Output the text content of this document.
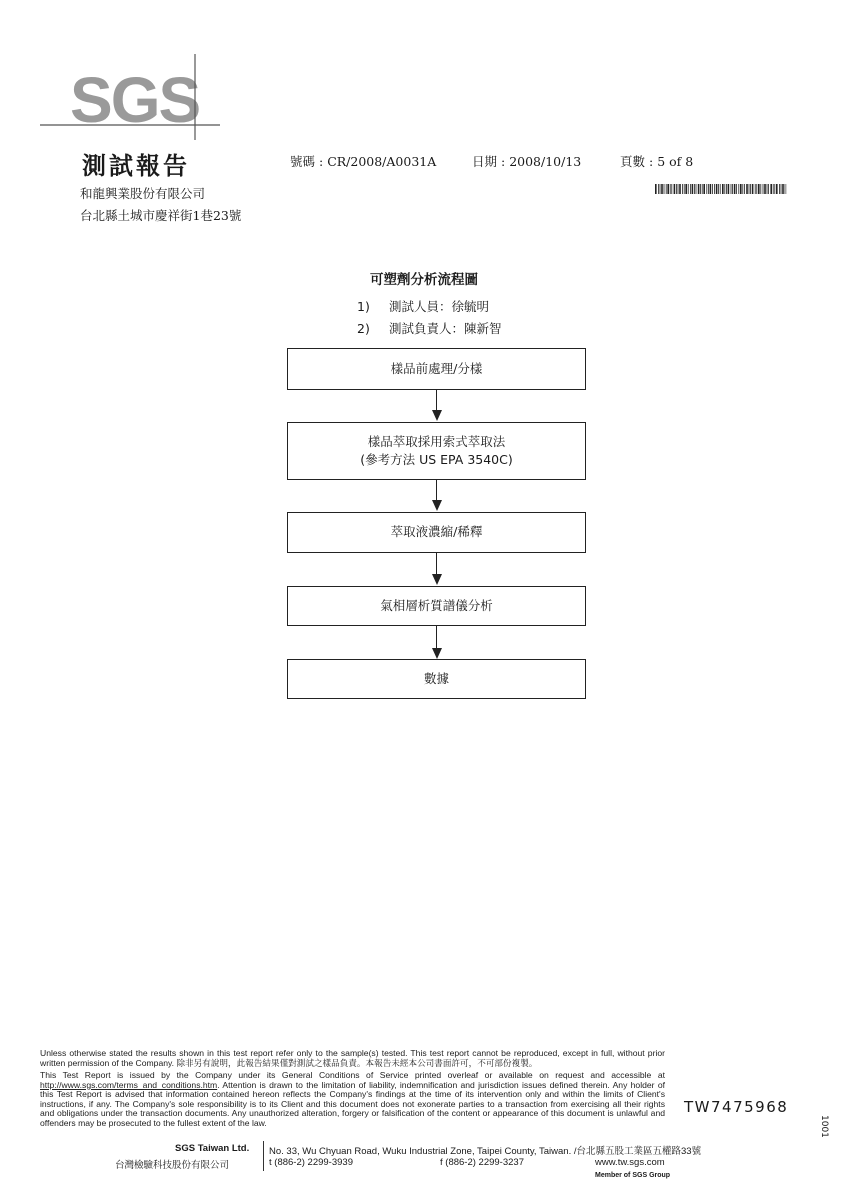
SGS
測試報告	號碼 : CR/2008/A0031A	日期 : 2008/10/13	頁數 : 5 of 8
和龍興業股份有限公司
台北縣土城市慶祥街1巷23號
可塑劑分析流程圖
1) 測試人員：徐毓明
2) 測試負責人：陳新智
樣品前處理/分樣
樣品萃取採用索式萃取法
(參考方法 US EPA 3540C)
萃取液濃縮/稀釋
氣相層析質譜儀分析
數據
Unless otherwise stated the results shown in this test report refer only to the sample(s) tested. This test report cannot be reproduced, except in full, without prior written permission of the Company. 除非另有說明，此報告結果僅對測試之樣品負責。本報告未經本公司書面許可，不可部份複製。
This Test Report is issued by the Company under its General Conditions of Service printed overleaf or available on request and accessible at http://www.sgs.com/terms_and_conditions.htm. Attention is drawn to the limitation of liability, indemnification and jurisdiction issues defined therein. Any holder of this Test Report is advised that information contained hereon reflects the Company's findings at the time of its intervention only and within the limits of Client's instructions, if any. The Company's sole responsibility is to its Client and this document does not exonerate parties to a transaction from exercising all their rights and obligations under the transaction documents. Any unauthorized alteration, forgery or falsification of the content or appearance of this document is unlawful and offenders may be prosecuted to the fullest extent of the law.
TW7475968
1001
SGS Taiwan Ltd.
台灣檢驗科技股份有限公司
No. 33, Wu Chyuan Road, Wuku Industrial Zone, Taipei County, Taiwan. /台北縣五股工業區五權路33號
t (886-2) 2299-3939	f (886-2) 2299-3237	www.tw.sgs.com
Member of SGS Group
